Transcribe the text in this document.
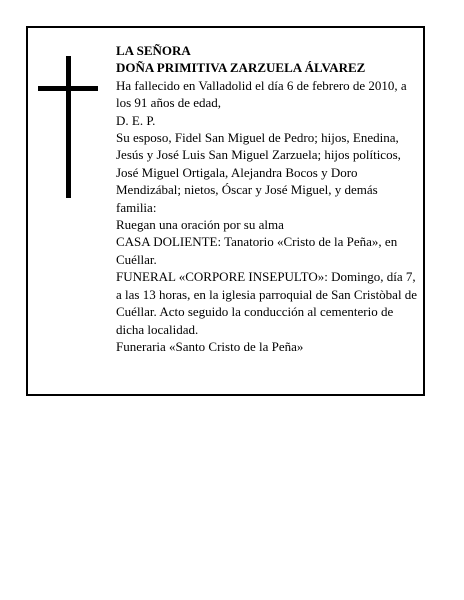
LA SEÑORA

DOÑA PRIMITIVA ZARZUELA ÁLVAREZ

Ha fallecido en Valladolid el día 6 de febrero de 2010, a los 91 años de edad,

D. E. P.

Su esposo, Fidel San Miguel de Pedro; hijos, Enedina, Jesús y José Luis San Miguel Zarzuela; hijos políticos, José Miguel Ortigala, Alejandra Bocos y Doro Mendizábal; nietos, Óscar y José Miguel, y demás familia:

Ruegan una oración por su alma

CASA DOLIENTE: Tanatorio «Cristo de la Peña», en Cuéllar.

FUNERAL «CORPORE INSEPULTO»: Domingo, día 7, a las 13 horas, en la iglesia parroquial de San Cristòbal de Cuéllar. Acto seguido la conducción al cementerio de dicha localidad.

Funeraria «Santo Cristo de la Peña»
